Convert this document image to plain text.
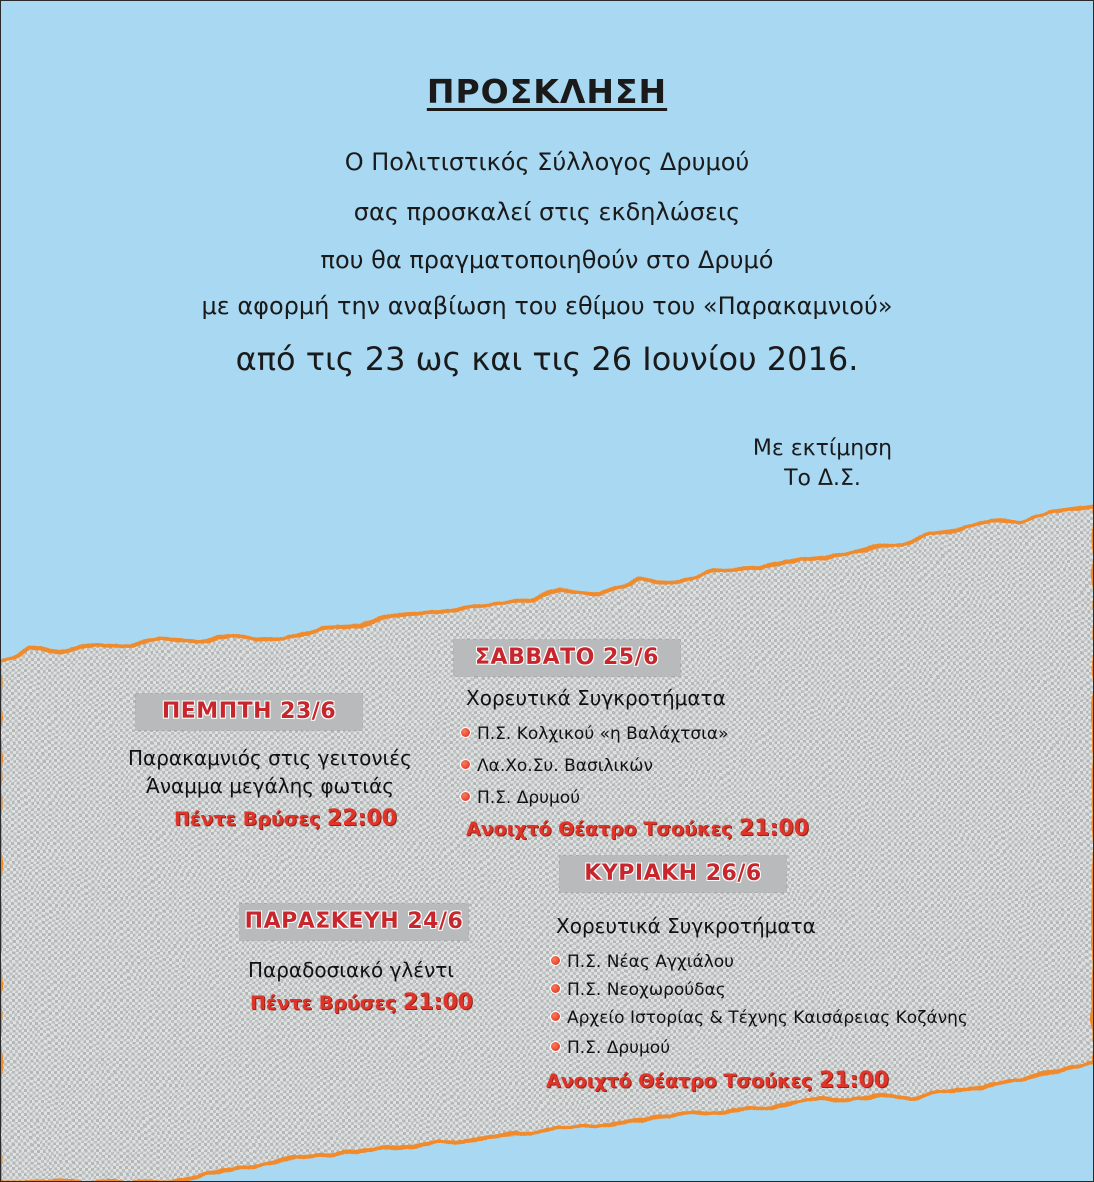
ΠΡΟΣΚΛΗΣΗ
Ο Πολιτιστικός Σύλλογος Δρυμού
σας προσκαλεί στις εκδηλώσεις
που θα πραγματοποιηθούν στο Δρυμό
με αφορμή την αναβίωση του εθίμου του «Παρακαμνιού»
από τις 23 ως και τις 26 Ιουνίου 2016.
Με εκτίμηση
Το Δ.Σ.
ΠΕΜΠΤΗ 23/6
Παρακαμνιός στις γειτονιές
Άναμμα μεγάλης φωτιάς
Πέντε Βρύσες 22:00
ΠΑΡΑΣΚΕΥΗ 24/6
Παραδοσιακό γλέντι
Πέντε Βρύσες 21:00
ΣΑΒΒΑΤΟ 25/6
Χορευτικά Συγκροτήματα
Π.Σ. Κολχικού «η Βαλάχτσια»
Λα.Χο.Συ. Βασιλικών
Π.Σ. Δρυμού
Ανοιχτό Θέατρο Τσούκες 21:00
ΚΥΡΙΑΚΗ 26/6
Χορευτικά Συγκροτήματα
Π.Σ. Νέας Αγχιάλου
Π.Σ. Νεοχωρούδας
Αρχείο Ιστορίας & Τέχνης Καισάρειας Κοζάνης
Π.Σ. Δρυμού
Ανοιχτό Θέατρο Τσούκες 21:00
